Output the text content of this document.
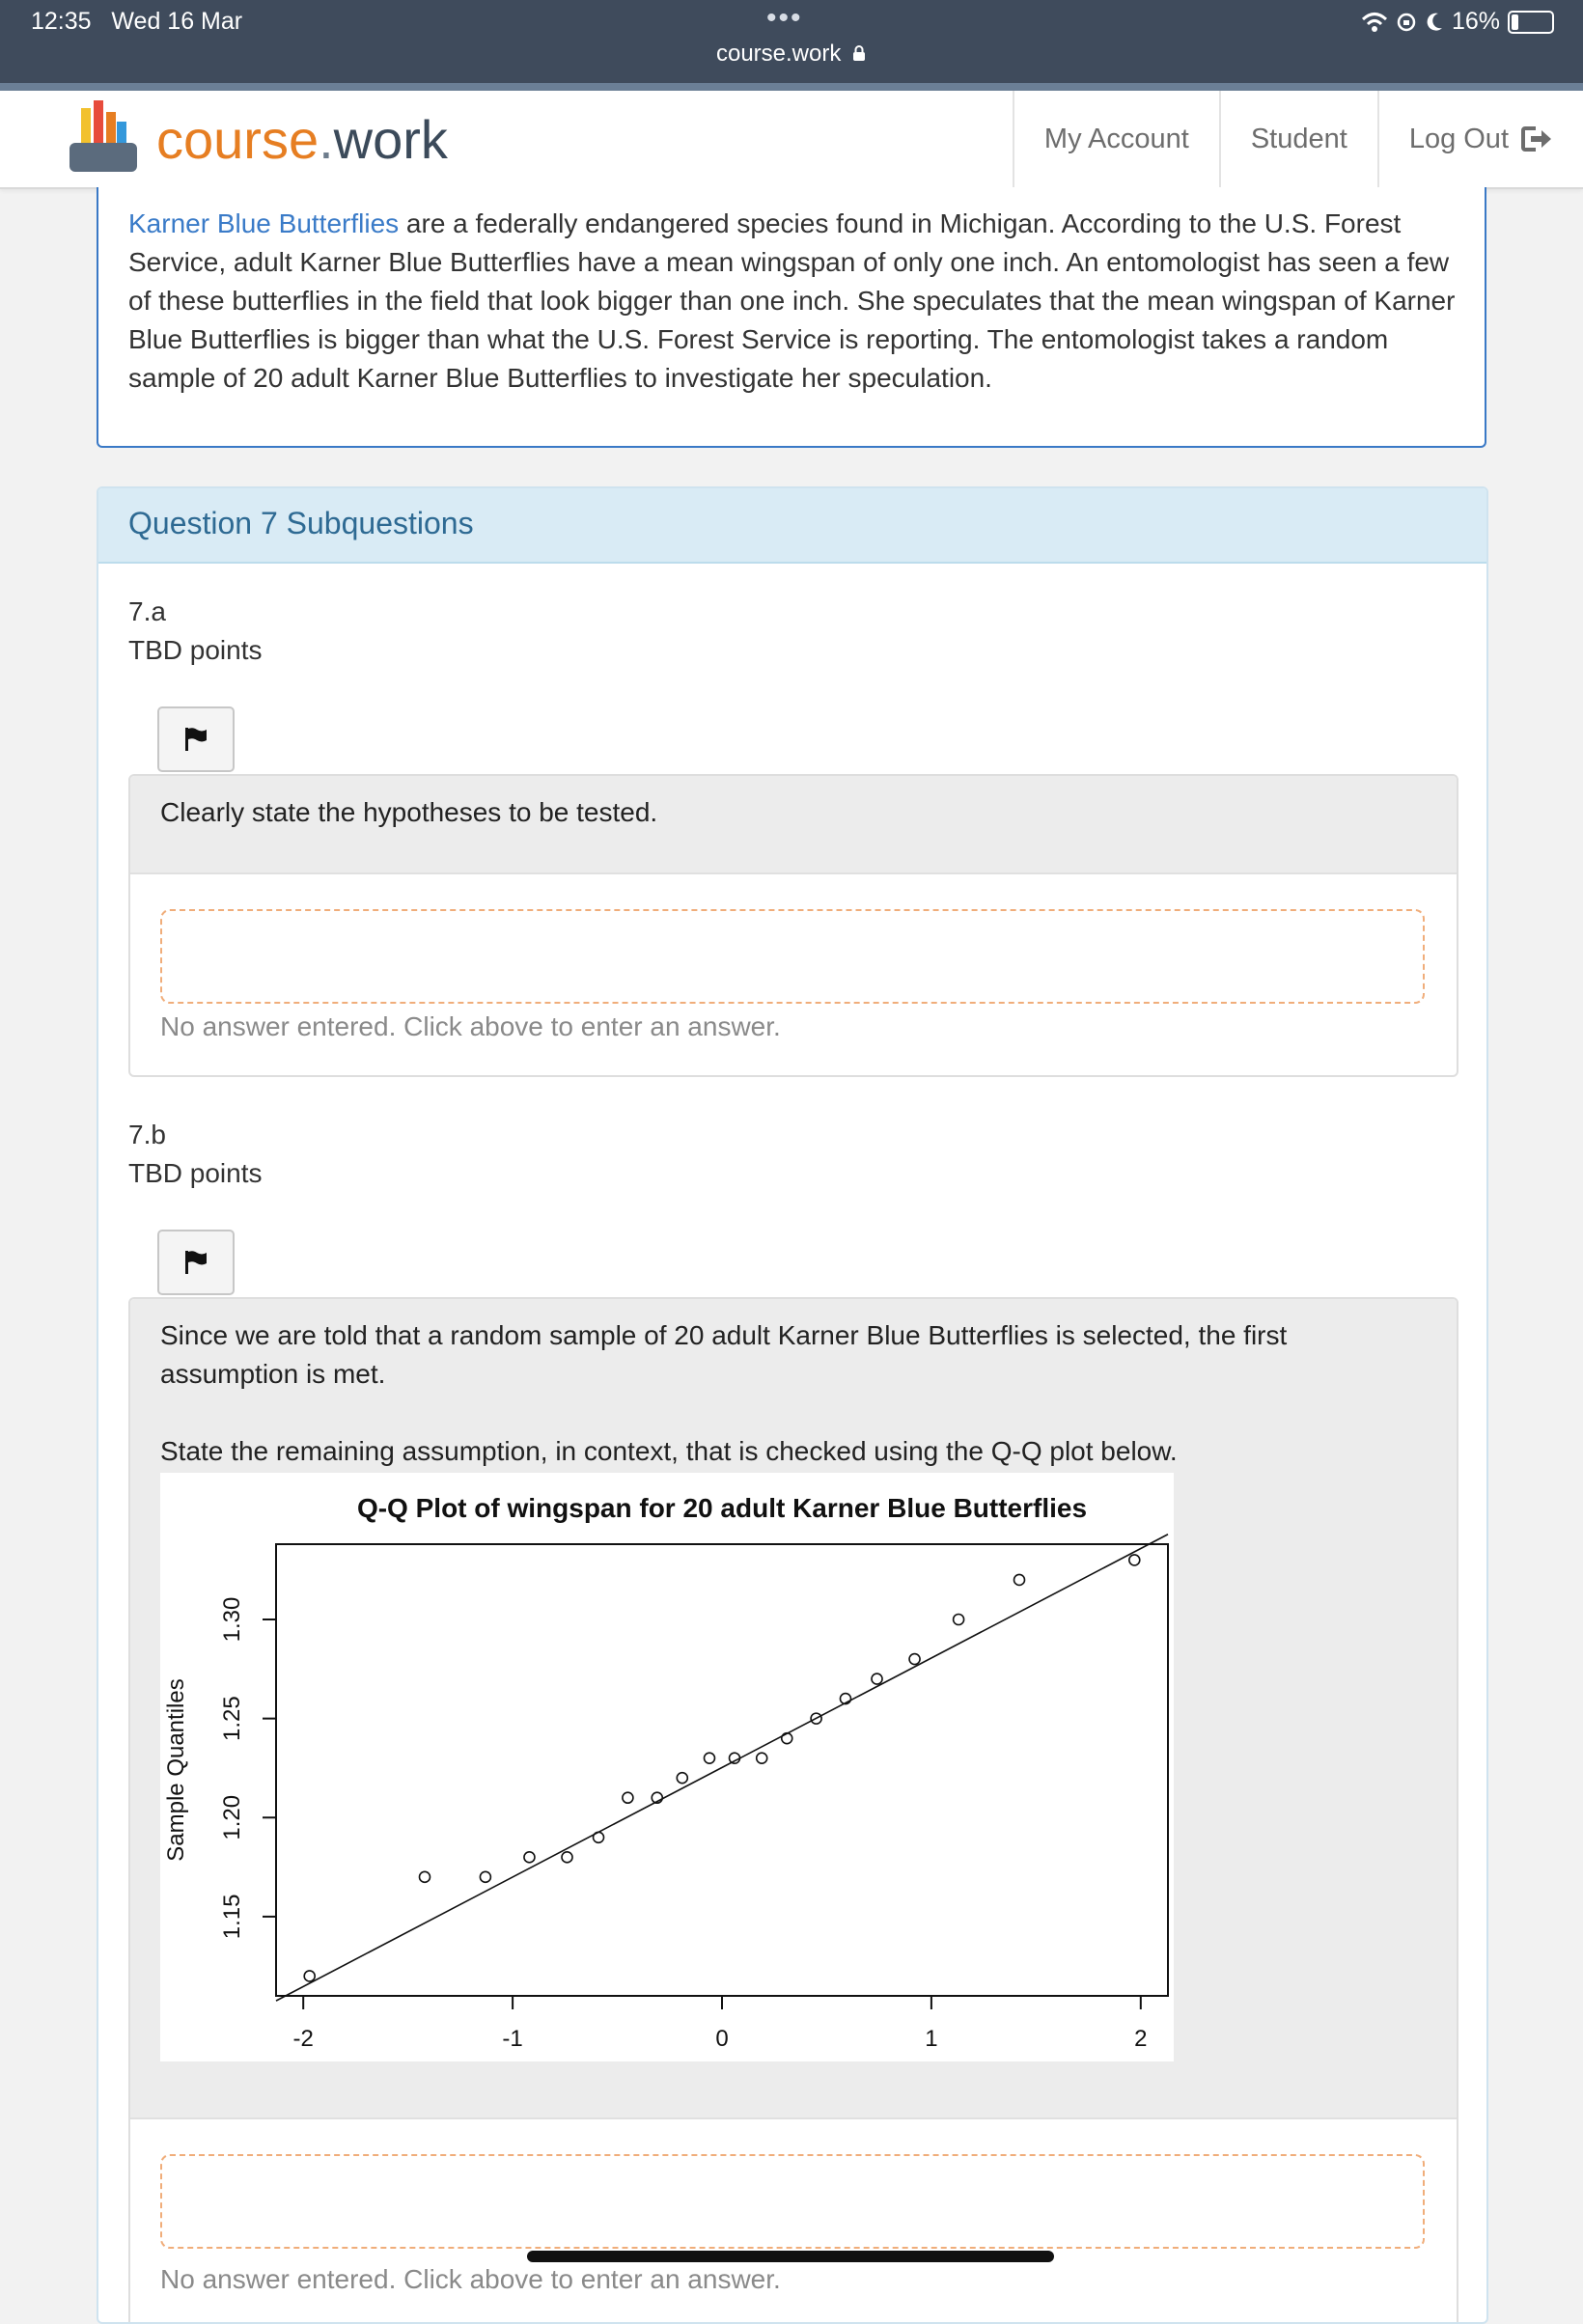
12:35 Wed 16 Mar	•••
course.work
16%
course.work	My Account Student Log Out

Karner Blue Butterflies are a federally endangered species found in Michigan. According to the U.S. Forest Service, adult Karner Blue Butterflies have a mean wingspan of only one inch. An entomologist has seen a few of these butterflies in the field that look bigger than one inch. She speculates that the mean wingspan of Karner Blue Butterflies is bigger than what the U.S. Forest Service is reporting. The entomologist takes a random sample of 20 adult Karner Blue Butterflies to investigate her speculation.

Question 7 Subquestions
7.a
TBD points
Clearly state the hypotheses to be tested.
No answer entered. Click above to enter an answer.
7.b
TBD points
Since we are told that a random sample of 20 adult Karner Blue Butterflies is selected, the first assumption is met.
State the remaining assumption, in context, that is checked using the Q-Q plot below.
Q-Q Plot of wingspan for 20 adult Karner Blue Butterflies
-2	-1	0	1	2
1.15
1.20
1.25
1.30
Sample Quantiles
No answer entered. Click above to enter an answer.
